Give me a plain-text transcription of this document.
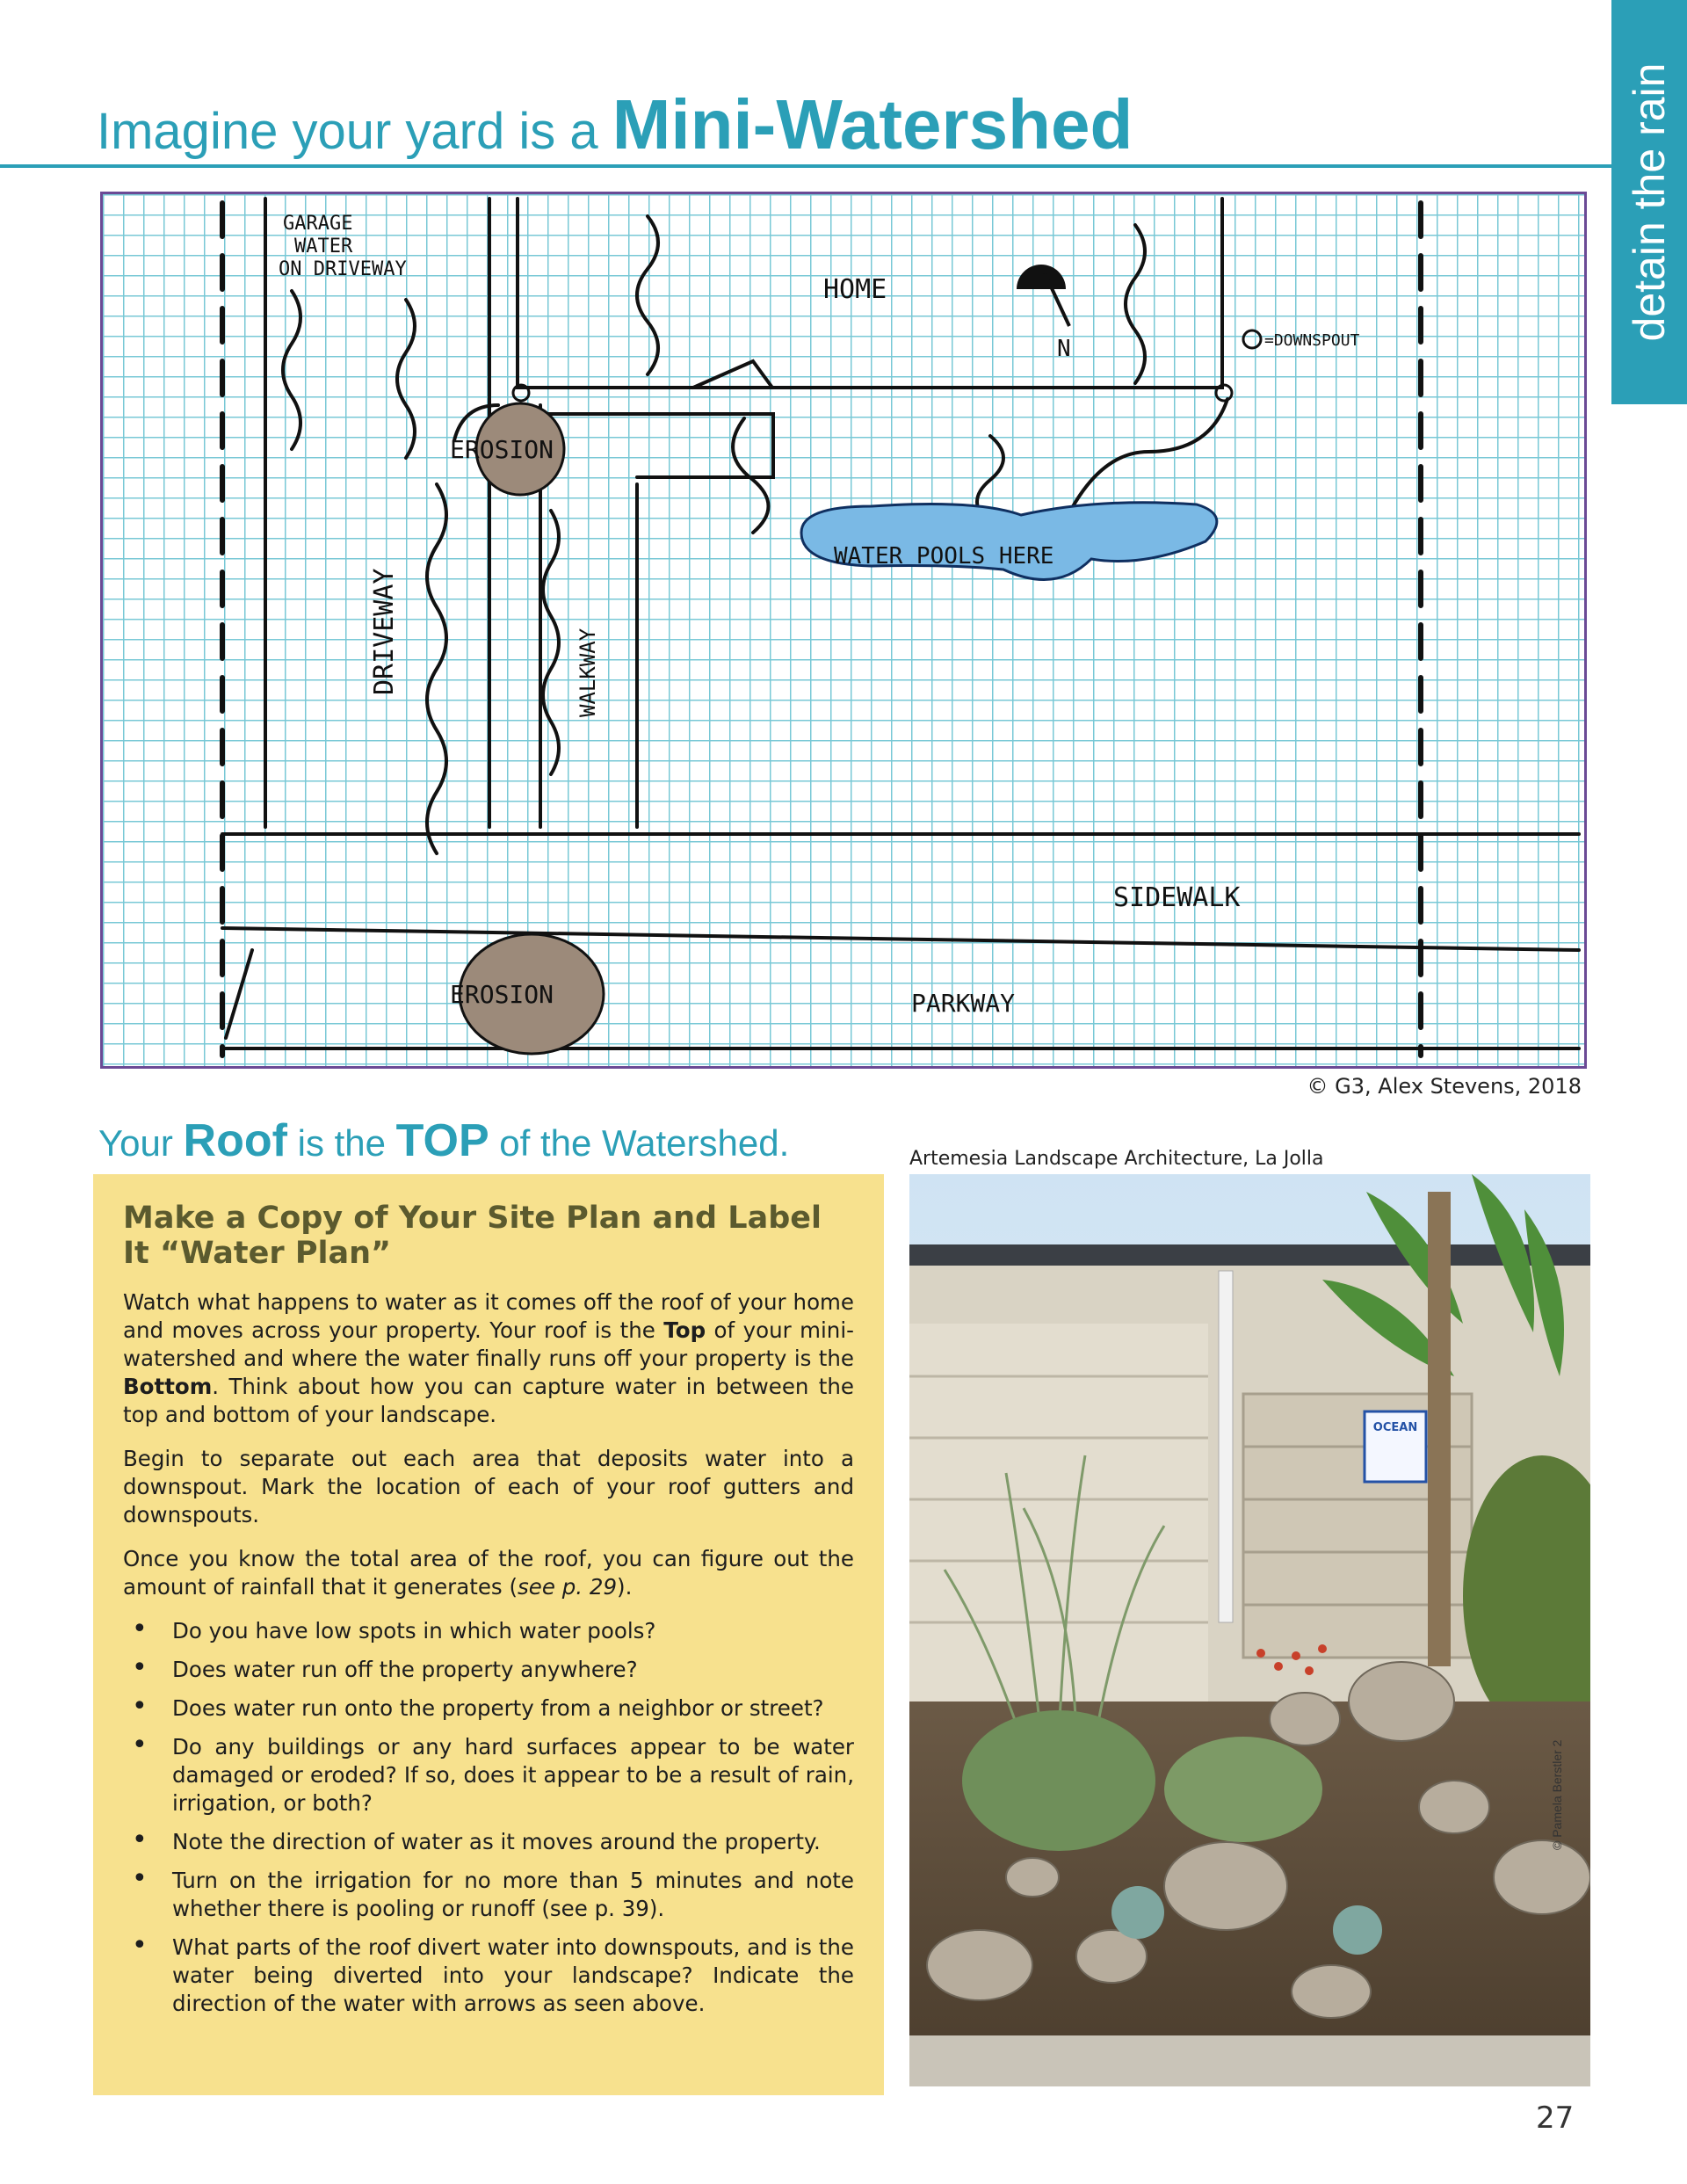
detain the rain
Imagine your yard is a Mini-Watershed
GARAGE
WATER
ON DRIVEWAY
HOME
N	=DOWNSPOUT
EROSION
WATER POOLS HERE
DRIVEWAY	WALKWAY
SIDEWALK
EROSION	PARKWAY
© G3, Alex Stevens, 2018
Your Roof is the TOP of the Watershed.	Artemesia Landscape Architecture, La Jolla
Make a Copy of Your Site Plan and Label It “Water Plan”

Watch what happens to water as it comes off the roof of your home and moves across your property. Your roof is the Top of your mini-watershed and where the water finally runs off your property is the Bottom. Think about how you can capture water in between the top and bottom of your landscape.

Begin to separate out each area that deposits water into a downspout. Mark the location of each of your roof gutters and downspouts.

Once you know the total area of the roof, you can figure out the amount of rainfall that it generates (see p. 29).

• Do you have low spots in which water pools?
• Does water run off the property anywhere?
• Does water run onto the property from a neighbor or street?
• Do any buildings or any hard surfaces appear to be water damaged or eroded? If so, does it appear to be a result of rain, irrigation, or both?
• Note the direction of water as it moves around the property.
• Turn on the irrigation for no more than 5 minutes and note whether there is pooling or runoff (see p. 39).
• What parts of the roof divert water into downspouts, and is the water being diverted into your landscape? Indicate the direction of the water with arrows as seen above.
OCEAN
© Pamela Berstler 2
27
